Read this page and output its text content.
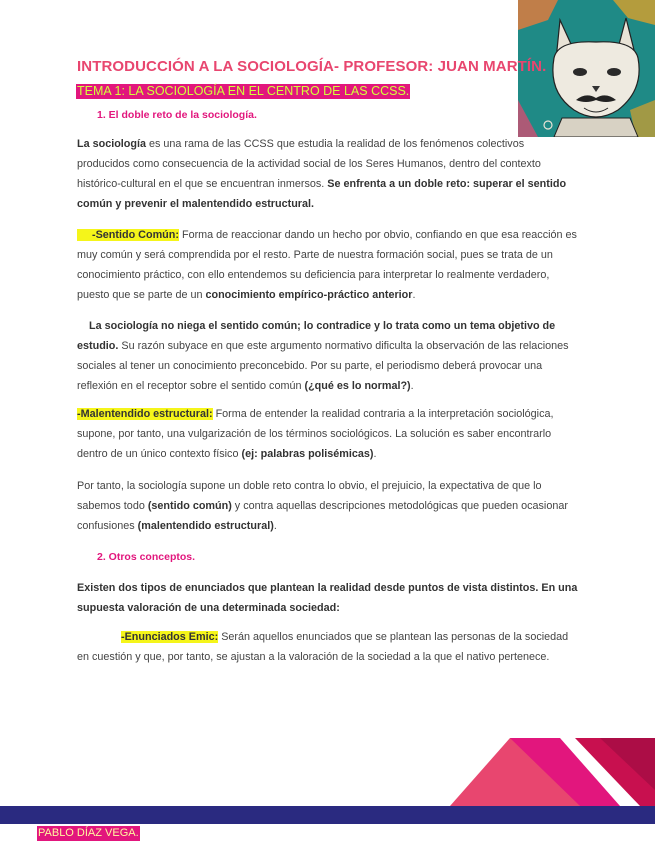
INTRODUCCIÓN A LA SOCIOLOGÍA- PROFESOR: JUAN MARTÍN.
TEMA 1: LA SOCIOLOGÍA EN EL CENTRO DE LAS CCSS.
1. El doble reto de la sociología.

La sociología es una rama de las CCSS que estudia la realidad de los fenómenos colectivos producidos como consecuencia de la actividad social de los Seres Humanos, dentro del contexto histórico-cultural en el que se encuentran inmersos. Se enfrenta a un doble reto: superar el sentido común y prevenir el malentendido estructural.

-Sentido Común: Forma de reaccionar dando un hecho por obvio, confiando en que esa reacción es muy común y será comprendida por el resto. Parte de nuestra formación social, pues se trata de un conocimiento práctico, con ello entendemos su deficiencia para interpretar lo realmente verdadero, puesto que se parte de un conocimiento empírico-práctico anterior.

La sociología no niega el sentido común; lo contradice y lo trata como un tema objetivo de estudio. Su razón subyace en que este argumento normativo dificulta la observación de las relaciones sociales al tener un conocimiento preconcebido. Por su parte, el periodismo deberá provocar una reflexión en el receptor sobre el sentido común (¿qué es lo normal?).

-Malentendido estructural: Forma de entender la realidad contraria a la interpretación sociológica, supone, por tanto, una vulgarización de los términos sociológicos. La solución es saber encontrarlo dentro de un único contexto físico (ej: palabras polisémicas).

Por tanto, la sociología supone un doble reto contra lo obvio, el prejuicio, la expectativa de que lo sabemos todo (sentido común) y contra aquellas descripciones metodológicas que pueden ocasionar confusiones (malentendido estructural).

2. Otros conceptos.

Existen dos tipos de enunciados que plantean la realidad desde puntos de vista distintos. En una supuesta valoración de una determinada sociedad:

-Enunciados Emic: Serán aquellos enunciados que se plantean las personas de la sociedad en cuestión y que, por tanto, se ajustan a la valoración de la sociedad a la que el nativo pertenece.

PABLO DÍAZ VEGA.
